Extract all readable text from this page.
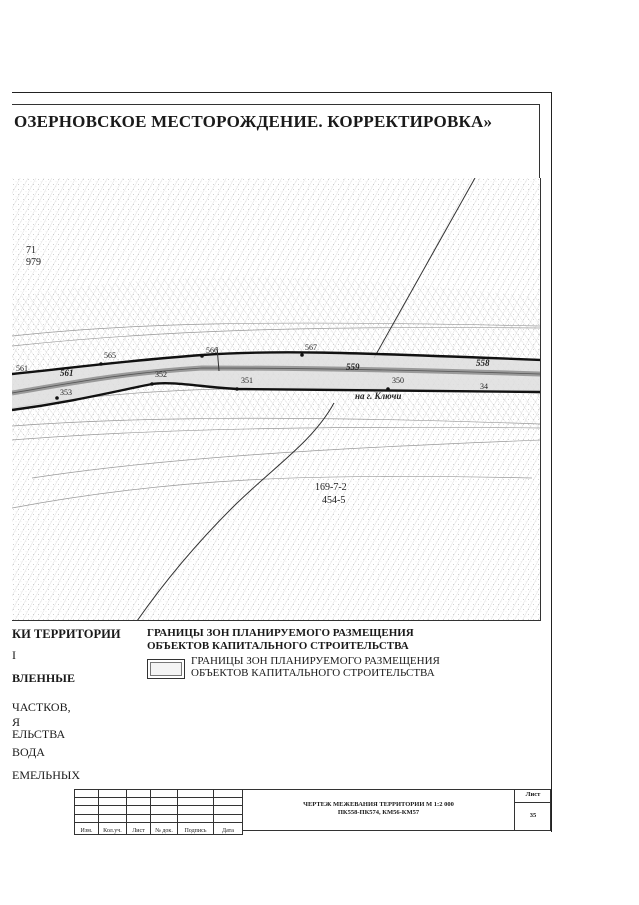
ОЗЕРНОВСКОЕ МЕСТОРОЖДЕНИЕ. КОРРЕКТИРОВКА»
71
979
169-7-2
454-5
на г. Ключи
561
565
566	567
559	558
561
353
352
351	350
34
КИ ТЕРРИТОРИИ
I
ВЛЕННЫЕ
ЧАСТКОВ,
Я
ЕЛЬСТВА
ВОДА
ЕМЕЛЬНЫХ
ГРАНИЦЫ ЗОН ПЛАНИРУЕМОГО РАЗМЕЩЕНИЯ
ОБЪЕКТОВ КАПИТАЛЬНОГО СТРОИТЕЛЬСТВА
ГРАНИЦЫ ЗОН ПЛАНИРУЕМОГО РАЗМЕЩЕНИЯ
ОБЪЕКТОВ КАПИТАЛЬНОГО СТРОИТЕЛЬСТВА

Изм.	Кол.уч.	Лист	№ док.	Подпись	Дата
ЧЕРТЕЖ МЕЖЕВАНИЯ ТЕРРИТОРИИ М 1:2 000
ПК558-ПК574, КМ56-КМ57
Лист
35
